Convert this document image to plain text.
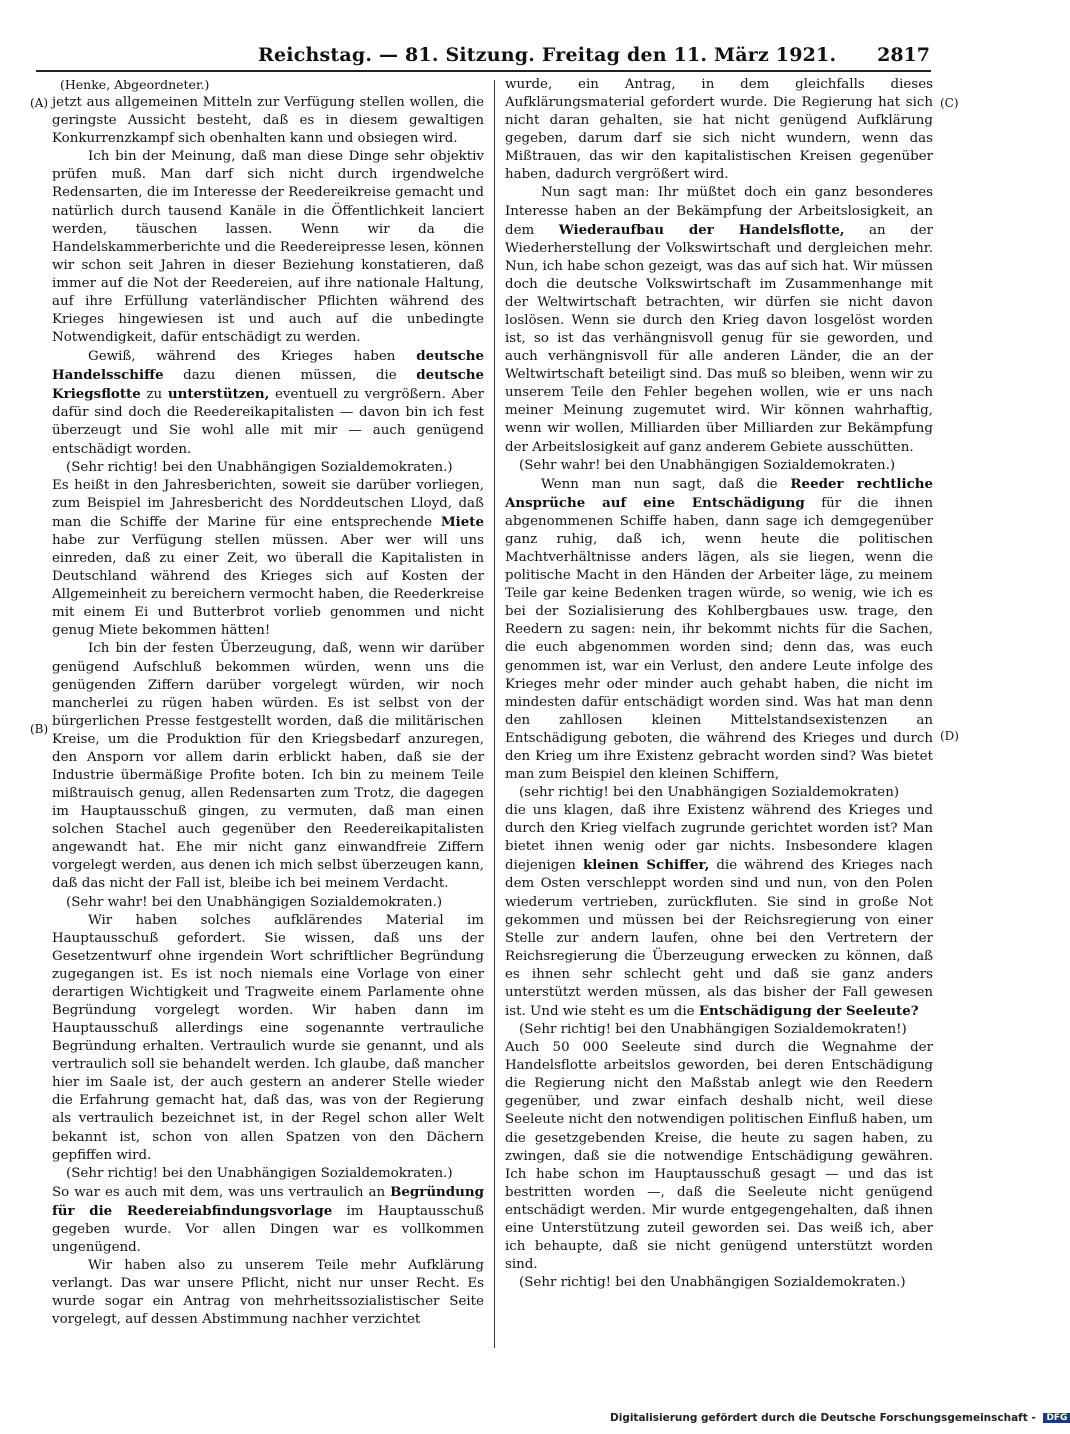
Reichstag. — 81. Sitzung. Freitag den 11. März 1921. 2817
(A)
(B)
(C)
(D)

(Henke, Abgeordneter.)

jetzt aus allgemeinen Mitteln zur Verfügung stellen wollen, die geringste Aussicht besteht, daß es in diesem gewaltigen Konkurrenzkampf sich obenhalten kann und obsiegen wird.

Ich bin der Meinung, daß man diese Dinge sehr objektiv prüfen muß. Man darf sich nicht durch irgendwelche Redensarten, die im Interesse der Reedereikreise gemacht und natürlich durch tausend Kanäle in die Öffentlichkeit lanciert werden, täuschen lassen. Wenn wir da die Handelskammerberichte und die Reedereipresse lesen, können wir schon seit Jahren in dieser Beziehung konstatieren, daß immer auf die Not der Reedereien, auf ihre nationale Haltung, auf ihre Erfüllung vaterländischer Pflichten während des Krieges hingewiesen ist und auch auf die unbedingte Notwendigkeit, dafür entschädigt zu werden.

Gewiß, während des Krieges haben deutsche Handelsschiffe dazu dienen müssen, die deutsche Kriegsflotte zu unterstützen, eventuell zu vergrößern. Aber dafür sind doch die Reedereikapitalisten — davon bin ich fest überzeugt und Sie wohl alle mit mir — auch genügend entschädigt worden.

(Sehr richtig! bei den Unabhängigen Sozialdemokraten.)

Es heißt in den Jahresberichten, soweit sie darüber vorliegen, zum Beispiel im Jahresbericht des Norddeutschen Lloyd, daß man die Schiffe der Marine für eine entsprechende Miete habe zur Verfügung stellen müssen. Aber wer will uns einreden, daß zu einer Zeit, wo überall die Kapitalisten in Deutschland während des Krieges sich auf Kosten der Allgemeinheit zu bereichern vermocht haben, die Reederkreise mit einem Ei und Butterbrot vorlieb genommen und nicht genug Miete bekommen hätten!

Ich bin der festen Überzeugung, daß, wenn wir darüber genügend Aufschluß bekommen würden, wenn uns die genügenden Ziffern darüber vorgelegt würden, wir noch mancherlei zu rügen haben würden. Es ist selbst von der bürgerlichen Presse festgestellt worden, daß die militärischen Kreise, um die Produktion für den Kriegsbedarf anzuregen, den Ansporn vor allem darin erblickt haben, daß sie der Industrie übermäßige Profite boten. Ich bin zu meinem Teile mißtrauisch genug, allen Redensarten zum Trotz, die dagegen im Hauptausschuß gingen, zu vermuten, daß man einen solchen Stachel auch gegenüber den Reedereikapitalisten angewandt hat. Ehe mir nicht ganz einwandfreie Ziffern vorgelegt werden, aus denen ich mich selbst überzeugen kann, daß das nicht der Fall ist, bleibe ich bei meinem Verdacht.

(Sehr wahr! bei den Unabhängigen Sozialdemokraten.)

Wir haben solches aufklärendes Material im Hauptausschuß gefordert. Sie wissen, daß uns der Gesetzentwurf ohne irgendein Wort schriftlicher Begründung zugegangen ist. Es ist noch niemals eine Vorlage von einer derartigen Wichtigkeit und Tragweite einem Parlamente ohne Begründung vorgelegt worden. Wir haben dann im Hauptausschuß allerdings eine sogenannte vertrauliche Begründung erhalten. Vertraulich wurde sie genannt, und als vertraulich soll sie behandelt werden. Ich glaube, daß mancher hier im Saale ist, der auch gestern an anderer Stelle wieder die Erfahrung gemacht hat, daß das, was von der Regierung als vertraulich bezeichnet ist, in der Regel schon aller Welt bekannt ist, schon von allen Spatzen von den Dächern gepfiffen wird.

(Sehr richtig! bei den Unabhängigen Sozialdemokraten.)

So war es auch mit dem, was uns vertraulich an Begründung für die Reedereiabfindungsvorlage im Hauptausschuß gegeben wurde. Vor allen Dingen war es vollkommen ungenügend.

Wir haben also zu unserem Teile mehr Aufklärung verlangt. Das war unsere Pflicht, nicht nur unser Recht. Es wurde sogar ein Antrag von mehrheitssozialistischer Seite vorgelegt, auf dessen Abstimmung nachher verzichtet

wurde, ein Antrag, in dem gleichfalls dieses Aufklärungsmaterial gefordert wurde. Die Regierung hat sich nicht daran gehalten, sie hat nicht genügend Aufklärung gegeben, darum darf sie sich nicht wundern, wenn das Mißtrauen, das wir den kapitalistischen Kreisen gegenüber haben, dadurch vergrößert wird.

Nun sagt man: Ihr müßtet doch ein ganz besonderes Interesse haben an der Bekämpfung der Arbeitslosigkeit, an dem Wiederaufbau der Handelsflotte, an der Wiederherstellung der Volkswirtschaft und dergleichen mehr. Nun, ich habe schon gezeigt, was das auf sich hat. Wir müssen doch die deutsche Volkswirtschaft im Zusammenhange mit der Weltwirtschaft betrachten, wir dürfen sie nicht davon loslösen. Wenn sie durch den Krieg davon losgelöst worden ist, so ist das verhängnisvoll genug für sie geworden, und auch verhängnisvoll für alle anderen Länder, die an der Weltwirtschaft beteiligt sind. Das muß so bleiben, wenn wir zu unserem Teile den Fehler begehen wollen, wie er uns nach meiner Meinung zugemutet wird. Wir können wahrhaftig, wenn wir wollen, Milliarden über Milliarden zur Bekämpfung der Arbeitslosigkeit auf ganz anderem Gebiete ausschütten.

(Sehr wahr! bei den Unabhängigen Sozialdemokraten.)

Wenn man nun sagt, daß die Reeder rechtliche Ansprüche auf eine Entschädigung für die ihnen abgenommenen Schiffe haben, dann sage ich demgegenüber ganz ruhig, daß ich, wenn heute die politischen Machtverhältnisse anders lägen, als sie liegen, wenn die politische Macht in den Händen der Arbeiter läge, zu meinem Teile gar keine Bedenken tragen würde, so wenig, wie ich es bei der Sozialisierung des Kohlbergbaues usw. trage, den Reedern zu sagen: nein, ihr bekommt nichts für die Sachen, die euch abgenommen worden sind; denn das, was euch genommen ist, war ein Verlust, den andere Leute infolge des Krieges mehr oder minder auch gehabt haben, die nicht im mindesten dafür entschädigt worden sind. Was hat man denn den zahllosen kleinen Mittelstandsexistenzen an Entschädigung geboten, die während des Krieges und durch den Krieg um ihre Existenz gebracht worden sind? Was bietet man zum Beispiel den kleinen Schiffern,

(sehr richtig! bei den Unabhängigen Sozialdemokraten)

die uns klagen, daß ihre Existenz während des Krieges und durch den Krieg vielfach zugrunde gerichtet worden ist? Man bietet ihnen wenig oder gar nichts. Insbesondere klagen diejenigen kleinen Schiffer, die während des Krieges nach dem Osten verschleppt worden sind und nun, von den Polen wiederum vertrieben, zurückfluten. Sie sind in große Not gekommen und müssen bei der Reichsregierung von einer Stelle zur andern laufen, ohne bei den Vertretern der Reichsregierung die Überzeugung erwecken zu können, daß es ihnen sehr schlecht geht und daß sie ganz anders unterstützt werden müssen, als das bisher der Fall gewesen ist. Und wie steht es um die Entschädigung der Seeleute?

(Sehr richtig! bei den Unabhängigen Sozialdemokraten!)

Auch 50 000 Seeleute sind durch die Wegnahme der Handelsflotte arbeitslos geworden, bei deren Entschädigung die Regierung nicht den Maßstab anlegt wie den Reedern gegenüber, und zwar einfach deshalb nicht, weil diese Seeleute nicht den notwendigen politischen Einfluß haben, um die gesetzgebenden Kreise, die heute zu sagen haben, zu zwingen, daß sie die notwendige Entschädigung gewähren. Ich habe schon im Hauptausschuß gesagt — und das ist bestritten worden —, daß die Seeleute nicht genügend entschädigt werden. Mir wurde entgegengehalten, daß ihnen eine Unterstützung zuteil geworden sei. Das weiß ich, aber ich behaupte, daß sie nicht genügend unterstützt worden sind.

(Sehr richtig! bei den Unabhängigen Sozialdemokraten.)

Digitalisierung gefördert durch die Deutsche Forschungsgemeinschaft - DFG
